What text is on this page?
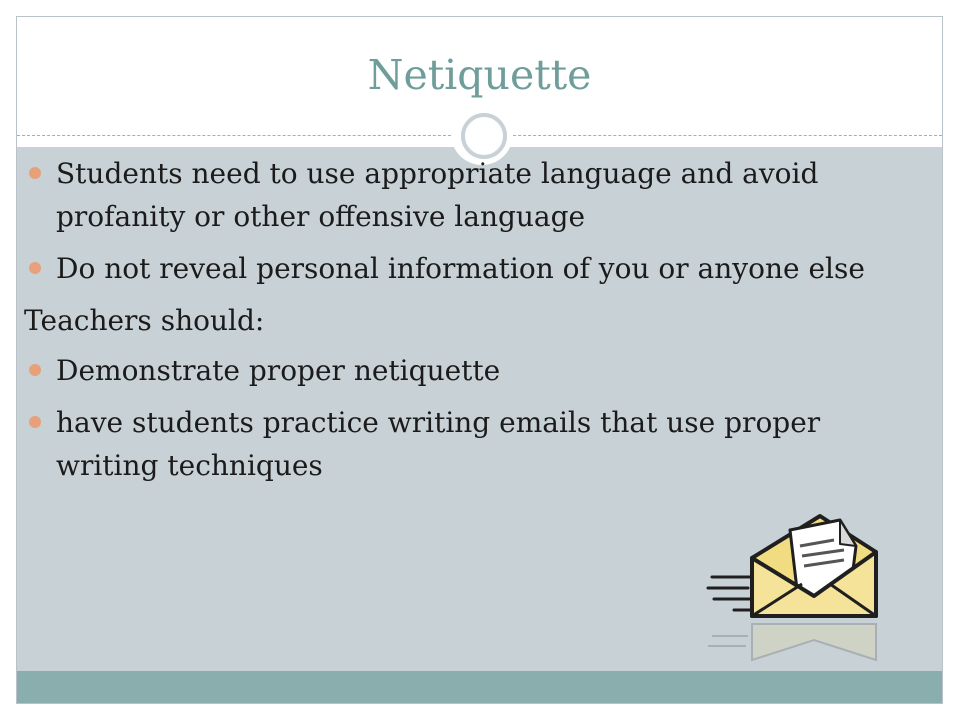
Netiquette
Students need to use appropriate language and avoid profanity or other offensive language
Do not reveal personal information of you or anyone else
Teachers should:
Demonstrate proper netiquette
have students practice writing emails that use proper writing techniques
